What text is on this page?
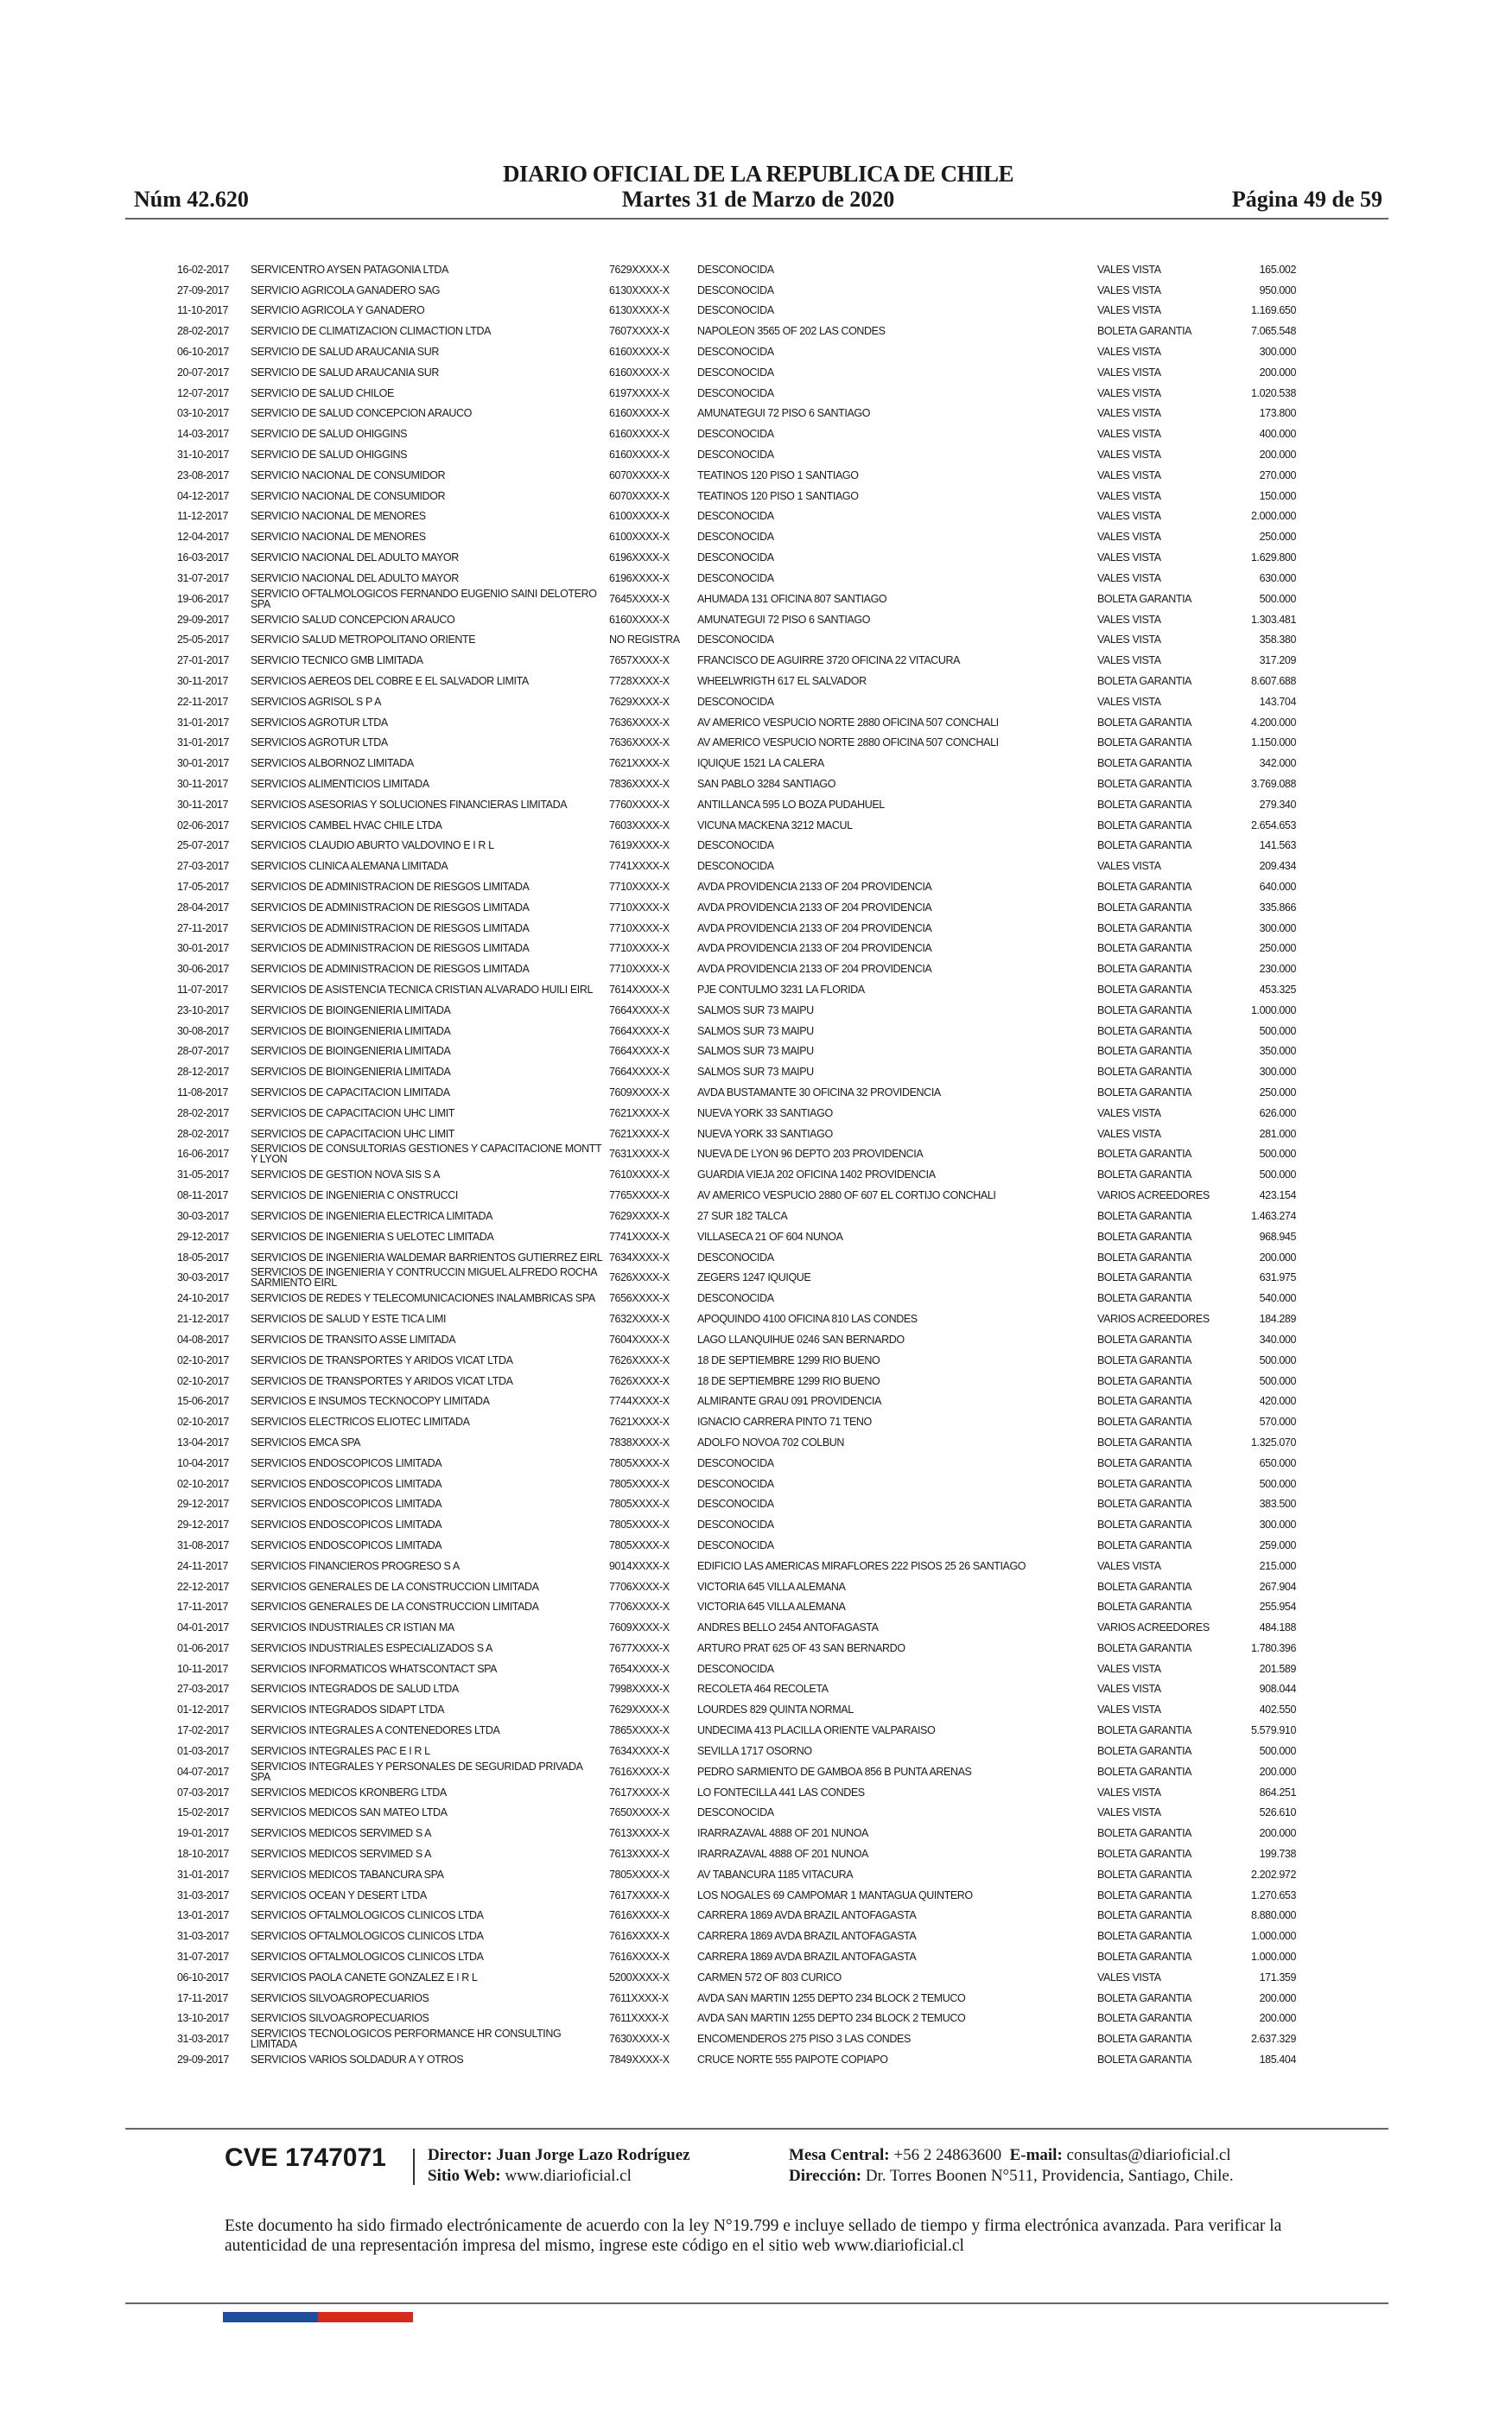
Núm 42.620
DIARIO OFICIAL DE LA REPUBLICA DE CHILE
Martes 31 de Marzo de 2020	Página 49 de 59
16-02-2017	SERVICENTRO AYSEN PATAGONIA LTDA	7629XXXX-X	DESCONOCIDA	VALES VISTA	165.002
27-09-2017	SERVICIO AGRICOLA GANADERO SAG	6130XXXX-X	DESCONOCIDA	VALES VISTA	950.000
11-10-2017	SERVICIO AGRICOLA Y GANADERO	6130XXXX-X	DESCONOCIDA	VALES VISTA	1.169.650
28-02-2017	SERVICIO DE CLIMATIZACION CLIMACTION LTDA	7607XXXX-X	NAPOLEON 3565 OF 202 LAS CONDES	BOLETA GARANTIA	7.065.548
06-10-2017	SERVICIO DE SALUD ARAUCANIA SUR	6160XXXX-X	DESCONOCIDA	VALES VISTA	300.000
20-07-2017	SERVICIO DE SALUD ARAUCANIA SUR	6160XXXX-X	DESCONOCIDA	VALES VISTA	200.000
12-07-2017	SERVICIO DE SALUD CHILOE	6197XXXX-X	DESCONOCIDA	VALES VISTA	1.020.538
03-10-2017	SERVICIO DE SALUD CONCEPCION ARAUCO	6160XXXX-X	AMUNATEGUI 72 PISO 6 SANTIAGO	VALES VISTA	173.800
14-03-2017	SERVICIO DE SALUD OHIGGINS	6160XXXX-X	DESCONOCIDA	VALES VISTA	400.000
31-10-2017	SERVICIO DE SALUD OHIGGINS	6160XXXX-X	DESCONOCIDA	VALES VISTA	200.000
23-08-2017	SERVICIO NACIONAL DE CONSUMIDOR	6070XXXX-X	TEATINOS 120 PISO 1 SANTIAGO	VALES VISTA	270.000
04-12-2017	SERVICIO NACIONAL DE CONSUMIDOR	6070XXXX-X	TEATINOS 120 PISO 1 SANTIAGO	VALES VISTA	150.000
11-12-2017	SERVICIO NACIONAL DE MENORES	6100XXXX-X	DESCONOCIDA	VALES VISTA	2.000.000
12-04-2017	SERVICIO NACIONAL DE MENORES	6100XXXX-X	DESCONOCIDA	VALES VISTA	250.000
16-03-2017	SERVICIO NACIONAL DEL ADULTO MAYOR	6196XXXX-X	DESCONOCIDA	VALES VISTA	1.629.800
31-07-2017	SERVICIO NACIONAL DEL ADULTO MAYOR	6196XXXX-X	DESCONOCIDA	VALES VISTA	630.000
19-06-2017	SERVICIO OFTALMOLOGICOS FERNANDO EUGENIO SAINI DELOTERO SPA	7645XXXX-X	AHUMADA 131 OFICINA 807 SANTIAGO	BOLETA GARANTIA	500.000
29-09-2017	SERVICIO SALUD CONCEPCION ARAUCO	6160XXXX-X	AMUNATEGUI 72 PISO 6 SANTIAGO	VALES VISTA	1.303.481
25-05-2017	SERVICIO SALUD METROPOLITANO ORIENTE	NO REGISTRA	DESCONOCIDA	VALES VISTA	358.380
27-01-2017	SERVICIO TECNICO GMB LIMITADA	7657XXXX-X	FRANCISCO DE AGUIRRE 3720 OFICINA 22 VITACURA	VALES VISTA	317.209
30-11-2017	SERVICIOS AEREOS DEL COBRE E EL SALVADOR LIMITA	7728XXXX-X	WHEELWRIGTH 617 EL SALVADOR	BOLETA GARANTIA	8.607.688
22-11-2017	SERVICIOS AGRISOL S P A	7629XXXX-X	DESCONOCIDA	VALES VISTA	143.704
31-01-2017	SERVICIOS AGROTUR LTDA	7636XXXX-X	AV AMERICO VESPUCIO NORTE 2880 OFICINA 507 CONCHALI	BOLETA GARANTIA	4.200.000
31-01-2017	SERVICIOS AGROTUR LTDA	7636XXXX-X	AV AMERICO VESPUCIO NORTE 2880 OFICINA 507 CONCHALI	BOLETA GARANTIA	1.150.000
30-01-2017	SERVICIOS ALBORNOZ LIMITADA	7621XXXX-X	IQUIQUE 1521 LA CALERA	BOLETA GARANTIA	342.000
30-11-2017	SERVICIOS ALIMENTICIOS LIMITADA	7836XXXX-X	SAN PABLO 3284 SANTIAGO	BOLETA GARANTIA	3.769.088
30-11-2017	SERVICIOS ASESORIAS Y SOLUCIONES FINANCIERAS LIMITADA	7760XXXX-X	ANTILLANCA 595 LO BOZA PUDAHUEL	BOLETA GARANTIA	279.340
02-06-2017	SERVICIOS CAMBEL HVAC CHILE LTDA	7603XXXX-X	VICUNA MACKENA 3212 MACUL	BOLETA GARANTIA	2.654.653
25-07-2017	SERVICIOS CLAUDIO ABURTO VALDOVINO E I R L	7619XXXX-X	DESCONOCIDA	BOLETA GARANTIA	141.563
27-03-2017	SERVICIOS CLINICA ALEMANA LIMITADA	7741XXXX-X	DESCONOCIDA	VALES VISTA	209.434
17-05-2017	SERVICIOS DE ADMINISTRACION DE RIESGOS LIMITADA	7710XXXX-X	AVDA PROVIDENCIA 2133 OF 204 PROVIDENCIA	BOLETA GARANTIA	640.000
28-04-2017	SERVICIOS DE ADMINISTRACION DE RIESGOS LIMITADA	7710XXXX-X	AVDA PROVIDENCIA 2133 OF 204 PROVIDENCIA	BOLETA GARANTIA	335.866
27-11-2017	SERVICIOS DE ADMINISTRACION DE RIESGOS LIMITADA	7710XXXX-X	AVDA PROVIDENCIA 2133 OF 204 PROVIDENCIA	BOLETA GARANTIA	300.000
30-01-2017	SERVICIOS DE ADMINISTRACION DE RIESGOS LIMITADA	7710XXXX-X	AVDA PROVIDENCIA 2133 OF 204 PROVIDENCIA	BOLETA GARANTIA	250.000
30-06-2017	SERVICIOS DE ADMINISTRACION DE RIESGOS LIMITADA	7710XXXX-X	AVDA PROVIDENCIA 2133 OF 204 PROVIDENCIA	BOLETA GARANTIA	230.000
11-07-2017	SERVICIOS DE ASISTENCIA TECNICA CRISTIAN ALVARADO HUILI EIRL	7614XXXX-X	PJE CONTULMO 3231 LA FLORIDA	BOLETA GARANTIA	453.325
23-10-2017	SERVICIOS DE BIOINGENIERIA LIMITADA	7664XXXX-X	SALMOS SUR 73 MAIPU	BOLETA GARANTIA	1.000.000
30-08-2017	SERVICIOS DE BIOINGENIERIA LIMITADA	7664XXXX-X	SALMOS SUR 73 MAIPU	BOLETA GARANTIA	500.000
28-07-2017	SERVICIOS DE BIOINGENIERIA LIMITADA	7664XXXX-X	SALMOS SUR 73 MAIPU	BOLETA GARANTIA	350.000
28-12-2017	SERVICIOS DE BIOINGENIERIA LIMITADA	7664XXXX-X	SALMOS SUR 73 MAIPU	BOLETA GARANTIA	300.000
11-08-2017	SERVICIOS DE CAPACITACION LIMITADA	7609XXXX-X	AVDA BUSTAMANTE 30 OFICINA 32 PROVIDENCIA	BOLETA GARANTIA	250.000
28-02-2017	SERVICIOS DE CAPACITACION UHC LIMIT	7621XXXX-X	NUEVA YORK 33 SANTIAGO	VALES VISTA	626.000
28-02-2017	SERVICIOS DE CAPACITACION UHC LIMIT	7621XXXX-X	NUEVA YORK 33 SANTIAGO	VALES VISTA	281.000
16-06-2017	SERVICIOS DE CONSULTORIAS GESTIONES Y CAPACITACIONE MONTT Y LYON	7631XXXX-X	NUEVA DE LYON 96 DEPTO 203 PROVIDENCIA	BOLETA GARANTIA	500.000
31-05-2017	SERVICIOS DE GESTION NOVA SIS S A	7610XXXX-X	GUARDIA VIEJA 202 OFICINA 1402 PROVIDENCIA	BOLETA GARANTIA	500.000
08-11-2017	SERVICIOS DE INGENIERIA C ONSTRUCCI	7765XXXX-X	AV AMERICO VESPUCIO 2880 OF 607 EL CORTIJO CONCHALI	VARIOS ACREEDORES	423.154
30-03-2017	SERVICIOS DE INGENIERIA ELECTRICA LIMITADA	7629XXXX-X	27 SUR 182 TALCA	BOLETA GARANTIA	1.463.274
29-12-2017	SERVICIOS DE INGENIERIA S UELOTEC LIMITADA	7741XXXX-X	VILLASECA 21 OF 604 NUNOA	BOLETA GARANTIA	968.945
18-05-2017	SERVICIOS DE INGENIERIA WALDEMAR BARRIENTOS GUTIERREZ EIRL 7634XXXX-X	DESCONOCIDA	BOLETA GARANTIA	200.000
30-03-2017	SERVICIOS DE INGENIERIA Y CONTRUCCIN MIGUEL ALFREDO ROCHA SARMIENTO EIRL	7626XXXX-X	ZEGERS 1247 IQUIQUE	BOLETA GARANTIA	631.975
24-10-2017	SERVICIOS DE REDES Y TELECOMUNICACIONES INALAMBRICAS SPA	7656XXXX-X	DESCONOCIDA	BOLETA GARANTIA	540.000
21-12-2017	SERVICIOS DE SALUD Y ESTE TICA LIMI	7632XXXX-X	APOQUINDO 4100 OFICINA 810 LAS CONDES	VARIOS ACREEDORES	184.289
04-08-2017	SERVICIOS DE TRANSITO ASSE LIMITADA	7604XXXX-X	LAGO LLANQUIHUE 0246 SAN BERNARDO	BOLETA GARANTIA	340.000
02-10-2017	SERVICIOS DE TRANSPORTES Y ARIDOS VICAT LTDA	7626XXXX-X	18 DE SEPTIEMBRE 1299 RIO BUENO	BOLETA GARANTIA	500.000
02-10-2017	SERVICIOS DE TRANSPORTES Y ARIDOS VICAT LTDA	7626XXXX-X	18 DE SEPTIEMBRE 1299 RIO BUENO	BOLETA GARANTIA	500.000
15-06-2017	SERVICIOS E INSUMOS TECKNOCOPY LIMITADA	7744XXXX-X	ALMIRANTE GRAU 091 PROVIDENCIA	BOLETA GARANTIA	420.000
02-10-2017	SERVICIOS ELECTRICOS ELIOTEC LIMITADA	7621XXXX-X	IGNACIO CARRERA PINTO 71 TENO	BOLETA GARANTIA	570.000
13-04-2017	SERVICIOS EMCA SPA	7838XXXX-X	ADOLFO NOVOA 702 COLBUN	BOLETA GARANTIA	1.325.070
10-04-2017	SERVICIOS ENDOSCOPICOS LIMITADA	7805XXXX-X	DESCONOCIDA	BOLETA GARANTIA	650.000
02-10-2017	SERVICIOS ENDOSCOPICOS LIMITADA	7805XXXX-X	DESCONOCIDA	BOLETA GARANTIA	500.000
29-12-2017	SERVICIOS ENDOSCOPICOS LIMITADA	7805XXXX-X	DESCONOCIDA	BOLETA GARANTIA	383.500
29-12-2017	SERVICIOS ENDOSCOPICOS LIMITADA	7805XXXX-X	DESCONOCIDA	BOLETA GARANTIA	300.000
31-08-2017	SERVICIOS ENDOSCOPICOS LIMITADA	7805XXXX-X	DESCONOCIDA	BOLETA GARANTIA	259.000
24-11-2017	SERVICIOS FINANCIEROS PROGRESO S A	9014XXXX-X	EDIFICIO LAS AMERICAS MIRAFLORES 222 PISOS 25 26 SANTIAGO	VALES VISTA	215.000
22-12-2017	SERVICIOS GENERALES DE LA CONSTRUCCION LIMITADA	7706XXXX-X	VICTORIA 645 VILLA ALEMANA	BOLETA GARANTIA	267.904
17-11-2017	SERVICIOS GENERALES DE LA CONSTRUCCION LIMITADA	7706XXXX-X	VICTORIA 645 VILLA ALEMANA	BOLETA GARANTIA	255.954
04-01-2017	SERVICIOS INDUSTRIALES CR ISTIAN MA	7609XXXX-X	ANDRES BELLO 2454 ANTOFAGASTA	VARIOS ACREEDORES	484.188
01-06-2017	SERVICIOS INDUSTRIALES ESPECIALIZADOS S A	7677XXXX-X	ARTURO PRAT 625 OF 43 SAN BERNARDO	BOLETA GARANTIA	1.780.396
10-11-2017	SERVICIOS INFORMATICOS WHATSCONTACT SPA	7654XXXX-X	DESCONOCIDA	VALES VISTA	201.589
27-03-2017	SERVICIOS INTEGRADOS DE SALUD LTDA	7998XXXX-X	RECOLETA 464 RECOLETA	VALES VISTA	908.044
01-12-2017	SERVICIOS INTEGRADOS SIDAPT LTDA	7629XXXX-X	LOURDES 829 QUINTA NORMAL	VALES VISTA	402.550
17-02-2017	SERVICIOS INTEGRALES A CONTENEDORES LTDA	7865XXXX-X	UNDECIMA 413 PLACILLA ORIENTE VALPARAISO	BOLETA GARANTIA	5.579.910
01-03-2017	SERVICIOS INTEGRALES PAC E I R L	7634XXXX-X	SEVILLA 1717 OSORNO	BOLETA GARANTIA	500.000
04-07-2017	SERVICIOS INTEGRALES Y PERSONALES DE SEGURIDAD PRIVADA SPA	7616XXXX-X	PEDRO SARMIENTO DE GAMBOA 856 B PUNTA ARENAS	BOLETA GARANTIA	200.000
07-03-2017	SERVICIOS MEDICOS KRONBERG LTDA	7617XXXX-X	LO FONTECILLA 441 LAS CONDES	VALES VISTA	864.251
15-02-2017	SERVICIOS MEDICOS SAN MATEO LTDA	7650XXXX-X	DESCONOCIDA	VALES VISTA	526.610
19-01-2017	SERVICIOS MEDICOS SERVIMED S A	7613XXXX-X	IRARRAZAVAL 4888 OF 201 NUNOA	BOLETA GARANTIA	200.000
18-10-2017	SERVICIOS MEDICOS SERVIMED S A	7613XXXX-X	IRARRAZAVAL 4888 OF 201 NUNOA	BOLETA GARANTIA	199.738
31-01-2017	SERVICIOS MEDICOS TABANCURA SPA	7805XXXX-X	AV TABANCURA 1185 VITACURA	BOLETA GARANTIA	2.202.972
31-03-2017	SERVICIOS OCEAN Y DESERT LTDA	7617XXXX-X	LOS NOGALES 69 CAMPOMAR 1 MANTAGUA QUINTERO	BOLETA GARANTIA	1.270.653
13-01-2017	SERVICIOS OFTALMOLOGICOS CLINICOS LTDA	7616XXXX-X	CARRERA 1869 AVDA BRAZIL ANTOFAGASTA	BOLETA GARANTIA	8.880.000
31-03-2017	SERVICIOS OFTALMOLOGICOS CLINICOS LTDA	7616XXXX-X	CARRERA 1869 AVDA BRAZIL ANTOFAGASTA	BOLETA GARANTIA	1.000.000
31-07-2017	SERVICIOS OFTALMOLOGICOS CLINICOS LTDA	7616XXXX-X	CARRERA 1869 AVDA BRAZIL ANTOFAGASTA	BOLETA GARANTIA	1.000.000
06-10-2017	SERVICIOS PAOLA CANETE GONZALEZ E I R L	5200XXXX-X	CARMEN 572 OF 803 CURICO	VALES VISTA	171.359
17-11-2017	SERVICIOS SILVOAGROPECUARIOS	7611XXXX-X	AVDA SAN MARTIN 1255 DEPTO 234 BLOCK 2 TEMUCO	BOLETA GARANTIA	200.000
13-10-2017	SERVICIOS SILVOAGROPECUARIOS	7611XXXX-X	AVDA SAN MARTIN 1255 DEPTO 234 BLOCK 2 TEMUCO	BOLETA GARANTIA	200.000
31-03-2017	SERVICIOS TECNOLOGICOS PERFORMANCE HR CONSULTING LIMITADA	7630XXXX-X	ENCOMENDEROS 275 PISO 3 LAS CONDES	BOLETA GARANTIA	2.637.329
29-09-2017	SERVICIOS VARIOS SOLDADUR A Y OTROS	7849XXXX-X	CRUCE NORTE 555 PAIPOTE COPIAPO	BOLETA GARANTIA	185.404
CVE 1747071	Director: Juan Jorge Lazo Rodríguez
Sitio Web: www.diarioficial.cl
Mesa Central: +56 2 24863600 E-mail: consultas@diarioficial.cl
Dirección: Dr. Torres Boonen N°511, Providencia, Santiago, Chile.
Este documento ha sido firmado electrónicamente de acuerdo con la ley N°19.799 e incluye sellado de tiempo y firma electrónica avanzada. Para verificar la autenticidad de una representación impresa del mismo, ingrese este código en el sitio web www.diarioficial.cl
